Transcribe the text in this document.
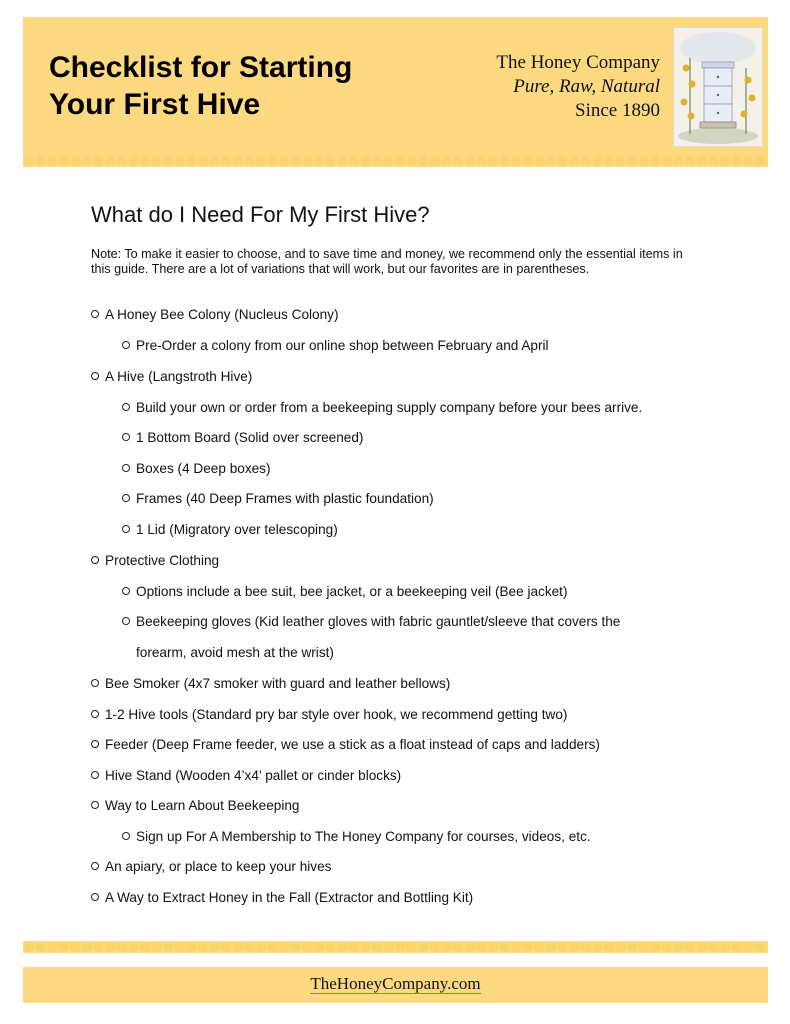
Checklist for Starting
Your First Hive
The Honey Company
Pure, Raw, Natural
Since 1890
What do I Need For My First Hive?
Note: To make it easier to choose, and to save time and money, we recommend only the essential items in this guide. There are a lot of variations that will work, but our favorites are in parentheses.
A Honey Bee Colony (Nucleus Colony)
Pre-Order a colony from our online shop between February and April
A Hive (Langstroth Hive)
Build your own or order from a beekeeping supply company before your bees arrive.
1 Bottom Board (Solid over screened)
Boxes (4 Deep boxes)
Frames (40 Deep Frames with plastic foundation)
1 Lid (Migratory over telescoping)
Protective Clothing
Options include a bee suit, bee jacket, or a beekeeping veil (Bee jacket)
Beekeeping gloves (Kid leather gloves with fabric gauntlet/sleeve that covers the
forearm, avoid mesh at the wrist)
Bee Smoker (4x7 smoker with guard and leather bellows)
1-2 Hive tools (Standard pry bar style over hook, we recommend getting two)
Feeder (Deep Frame feeder, we use a stick as a float instead of caps and ladders)
Hive Stand (Wooden 4’x4’ pallet or cinder blocks)
Way to Learn About Beekeeping
Sign up For A Membership to The Honey Company for courses, videos, etc.
An apiary, or place to keep your hives
A Way to Extract Honey in the Fall (Extractor and Bottling Kit)
TheHoneyCompany.com
